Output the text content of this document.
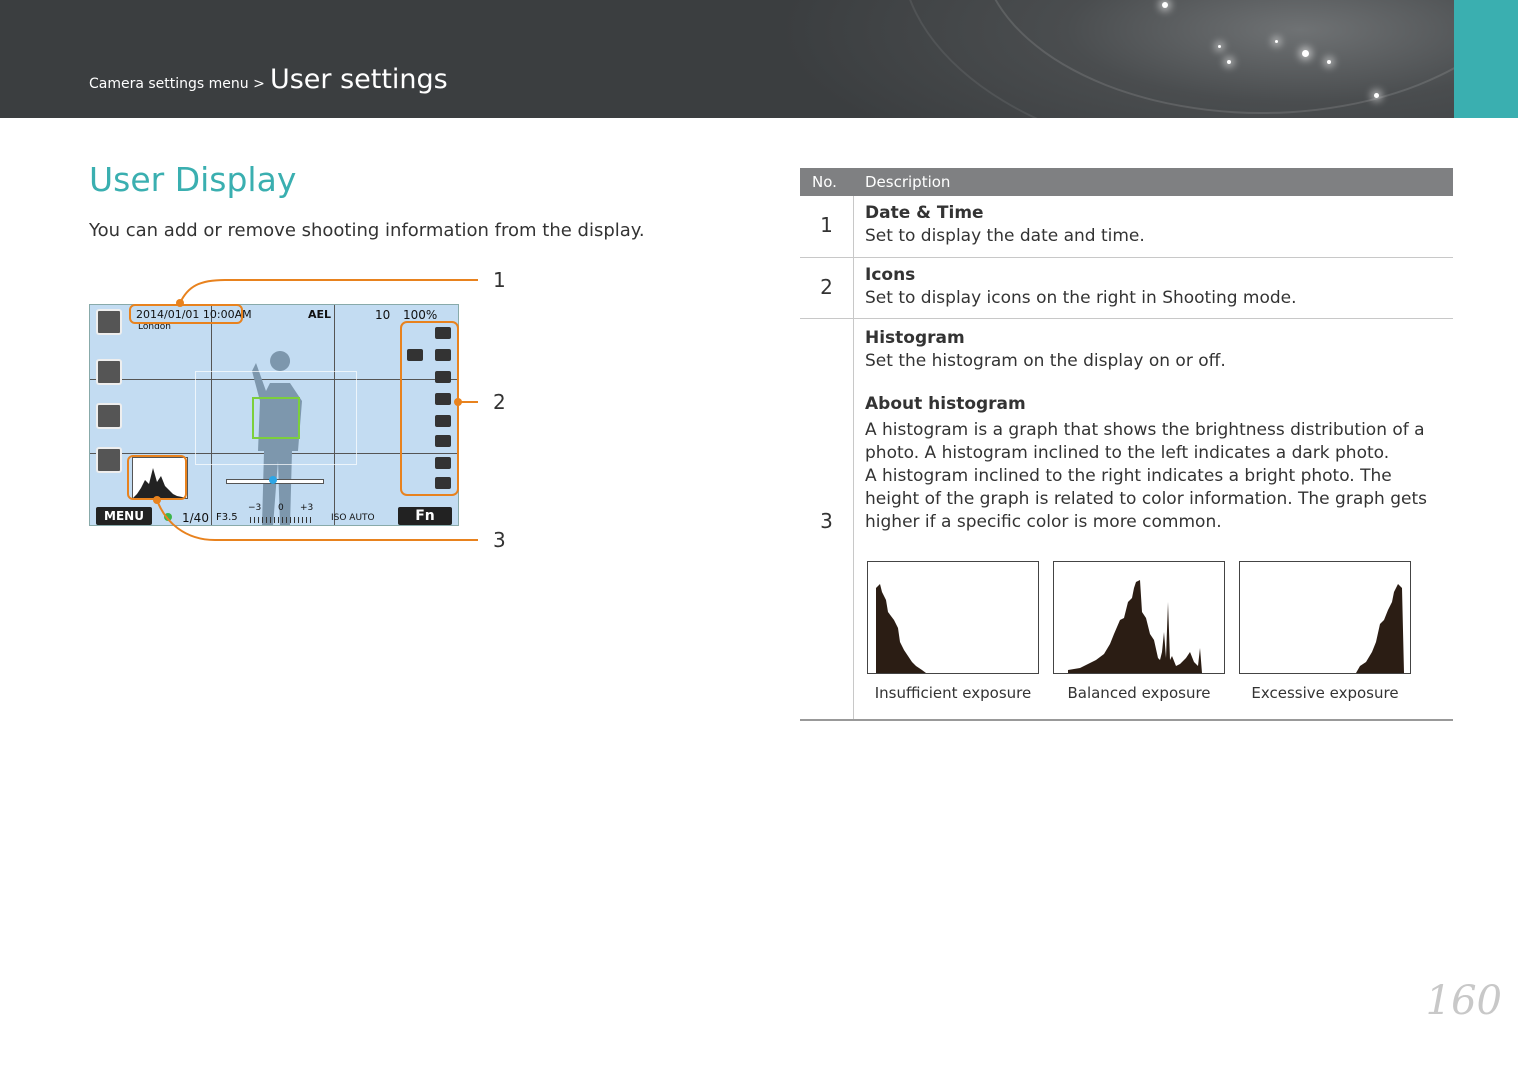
Camera settings menu > User settings
User Display
You can add or remove shooting information from the display.
2014/01/01 10:00AM
London
AEL	10 100%
MENU	1/40 F3.5
−3 0 +3
ISO AUTO	Fn
1
2
3
No. Description
1	Date & Time
Set to display the date and time.
2	Icons
Set to display icons on the right in Shooting mode.
3
Histogram
Set the histogram on the display on or off.
About histogram
A histogram is a graph that shows the brightness distribution of a photo. A histogram inclined to the left indicates a dark photo.
A histogram inclined to the right indicates a bright photo. The height of the graph is related to color information. The graph gets higher if a specific color is more common.
Insufficient exposure	Balanced exposure	Excessive exposure
160
